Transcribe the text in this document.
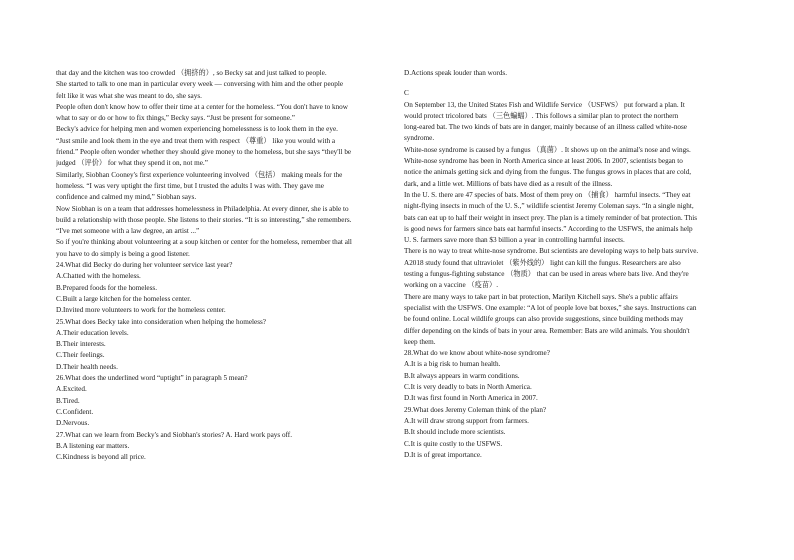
that day and the kitchen was too crowded （拥挤的）, so Becky sat and just talked to people.
She started to talk to one man in particular every week — conversing with him and the other people
felt like it was what she was meant to do, she says.
People often don't know how to offer their time at a center for the homeless. “You don't have to know
what to say or do or how to fix things,” Becky says. “Just be present for someone.”
Becky's advice for helping men and women experiencing homelessness is to look them in the eye.
“Just smile and look them in the eye and treat them with respect （尊重） like you would with a
friend.” People often wonder whether they should give money to the homeless, but she says “they'll be
judged （评价） for what they spend it on, not me.”
Similarly, Siobhan Cooney's first experience volunteering involved （包括） making meals for the
homeless. “I was very uptight the first time, but I trusted the adults I was with. They gave me
confidence and calmed my mind,” Siobhan says.
Now Siobhan is on a team that addresses homelessness in Philadelphia. At every dinner, she is able to
build a relationship with those people. She listens to their stories. “It is so interesting,” she remembers.
“I've met someone with a law degree, an artist ...”
So if you're thinking about volunteering at a soup kitchen or center for the homeless, remember that all
you have to do simply is being a good listener.
24.What did Becky do during her volunteer service last year?
A.Chatted with the homeless.
B.Prepared foods for the homeless.
C.Built a large kitchen for the homeless center.
D.Invited more volunteers to work for the homeless center.
25.What does Becky take into consideration when helping the homeless?
A.Their education levels.
B.Their interests.
C.Their feelings.
D.Their health needs.
26.What does the underlined word “uptight” in paragraph 5 mean?
A.Excited.
B.Tired.
C.Confident.
D.Nervous.
27.What can we learn from Becky's and Siobhan's stories? A. Hard work pays off.
B.A listening ear matters.
C.Kindness is beyond all price.
D.Actions speak louder than words.
C
On September 13, the United States Fish and Wildlife Service （USFWS） put forward a plan. It
would protect tricolored bats （三色蝙蝠）. This follows a similar plan to protect the northern
long-eared bat. The two kinds of bats are in danger, mainly because of an illness called white-nose
syndrome.
White-nose syndrome is caused by a fungus （真菌）. It shows up on the animal's nose and wings.
White-nose syndrome has been in North America since at least 2006. In 2007, scientists began to
notice the animals getting sick and dying from the fungus. The fungus grows in places that are cold,
dark, and a little wet. Millions of bats have died as a result of the illness.
In the U. S. there are 47 species of bats. Most of them prey on （捕食） harmful insects. “They eat
night-flying insects in much of the U. S.,” wildlife scientist Jeremy Coleman says. “In a single night,
bats can eat up to half their weight in insect prey. The plan is a timely reminder of bat protection. This
is good news for farmers since bats eat harmful insects.” According to the USFWS, the animals help
U. S. farmers save more than $3 billion a year in controlling harmful insects.
There is no way to treat white-nose syndrome. But scientists are developing ways to help bats survive.
A2018 study found that ultraviolet （紫外线的） light can kill the fungus. Researchers are also
testing a fungus-fighting substance （物质） that can be used in areas where bats live. And they're
working on a vaccine （疫苗）.
There are many ways to take part in bat protection, Marilyn Kitchell says. She's a public affairs
specialist with the USFWS. One example: “A lot of people love bat boxes,” she says. Instructions can
be found online. Local wildlife groups can also provide suggestions, since building methods may
differ depending on the kinds of bats in your area. Remember: Bats are wild animals. You shouldn't
keep them.
28.What do we know about white-nose syndrome?
A.It is a big risk to human health.
B.It always appears in warm conditions.
C.It is very deadly to bats in North America.
D.It was first found in North America in 2007.
29.What does Jeremy Coleman think of the plan?
A.It will draw strong support from farmers.
B.It should include more scientists.
C.It is quite costly to the USFWS.
D.It is of great importance.
